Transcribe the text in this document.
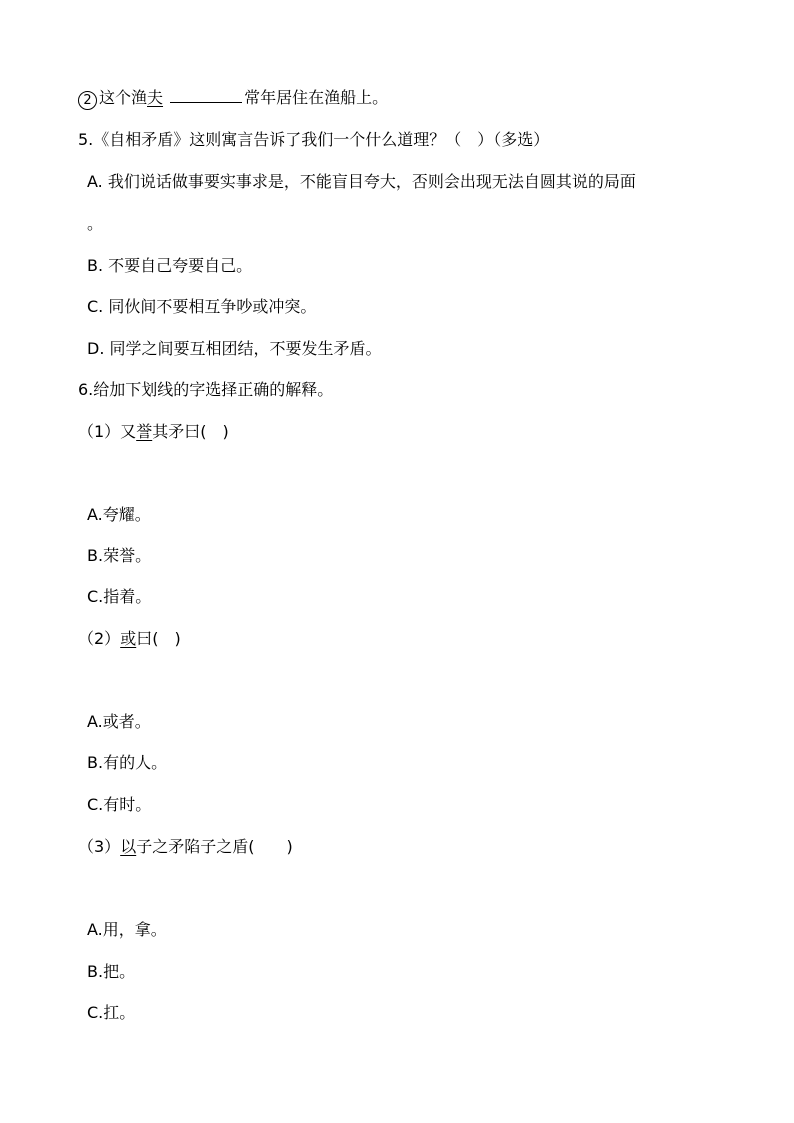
2 这个渔夫	常年居住在渔船上。
5.《自相矛盾》这则寓言告诉了我们一个什么道理？（　）（多选）
A. 我们说话做事要实事求是，不能盲目夸大，否则会出现无法自圆其说的局面
。
B. 不要自己夸要自己。
C. 同伙间不要相互争吵或冲突。
D. 同学之间要互相团结，不要发生矛盾。
6.给加下划线的字选择正确的解释。
（1）又誉其矛曰(　)
A.夸耀。
B.荣誉。
C.指着。
（2）或曰(　)
A.或者。
B.有的人。
C.有时。
（3）以子之矛陷子之盾(　　)
A.用，拿。
B.把。
C.扛。
